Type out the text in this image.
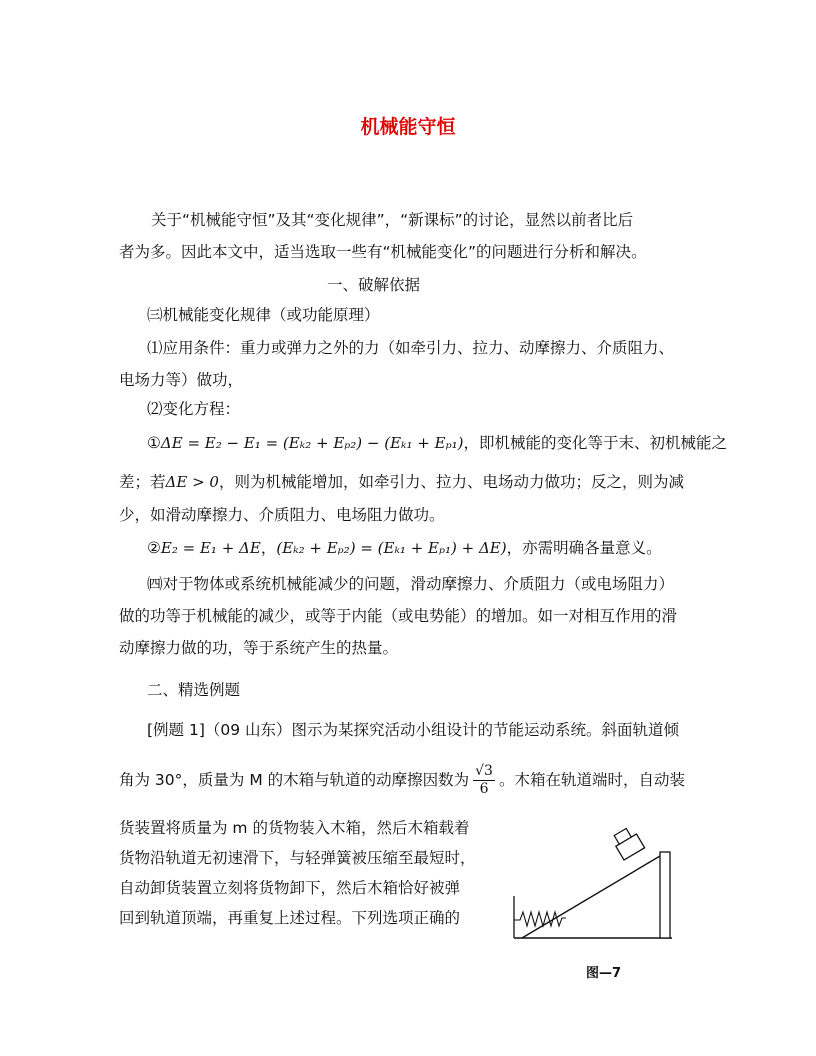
机械能守恒
关于“机械能守恒”及其“变化规律”，“新课标”的讨论，显然以前者比后
者为多。因此本文中，适当选取一些有“机械能变化”的问题进行分析和解决。
一、破解依据
㈢机械能变化规律（或功能原理）
⑴应用条件：重力或弹力之外的力（如牵引力、拉力、动摩擦力、介质阻力、
电场力等）做功，
⑵变化方程：
①ΔE = E₂ − E₁ = (Eₖ₂ + Eₚ₂) − (Eₖ₁ + Eₚ₁)，即机械能的变化等于末、初机械能之
差；若ΔE > 0，则为机械能增加，如牵引力、拉力、电场动力做功；反之，则为减
少，如滑动摩擦力、介质阻力、电场阻力做功。
②E₂ = E₁ + ΔE，(Eₖ₂ + Eₚ₂) = (Eₖ₁ + Eₚ₁) + ΔE)，亦需明确各量意义。
㈣对于物体或系统机械能减少的问题，滑动摩擦力、介质阻力（或电场阻力）
做的功等于机械能的减少，或等于内能（或电势能）的增加。如一对相互作用的滑
动摩擦力做的功，等于系统产生的热量。
二、精选例题
[例题 1]（09 山东）图示为某探究活动小组设计的节能运动系统。斜面轨道倾
角为 30°，质量为 M 的木箱与轨道的动摩擦因数为 $\frac{√3}{6}$ 。木箱在轨道端时，自动装
货装置将质量为 m 的货物装入木箱，然后木箱载着
货物沿轨道无初速滑下，与轻弹簧被压缩至最短时，
自动卸货装置立刻将货物卸下，然后木箱恰好被弹
回到轨道顶端，再重复上述过程。下列选项正确的
图—7
